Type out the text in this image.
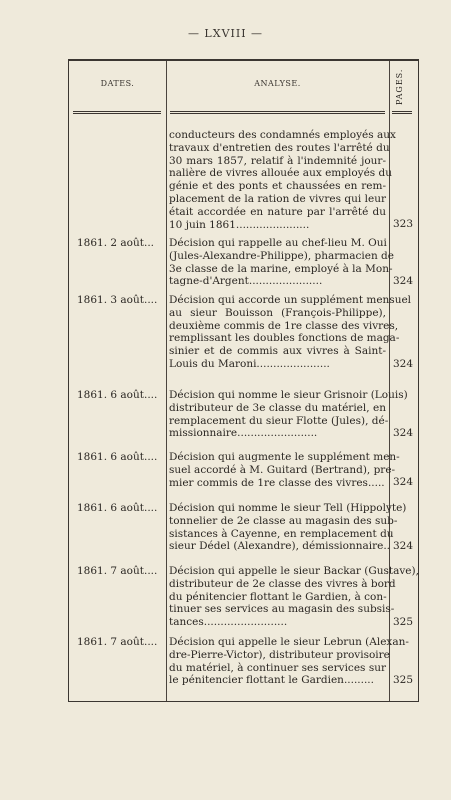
— LXVIII —
DATES.	ANALYSE.	PAGES.
conducteurs des condamnés employés aux
travaux d'entretien des routes l'arrêté du
30 mars 1857, relatif à l'indemnité jour-
nalière de vivres allouée aux employés du
génie et des ponts et chaussées en rem-
placement de la ration de vivres qui leur
était accordée en nature par l'arrêté du
10 juin 1861......................	323
1861. 2 août...	Décision qui rappelle au chef-lieu M. Oui
(Jules-Alexandre-Philippe), pharmacien de
3e classe de la marine, employé à la Mon-
tagne-d'Argent......................	324
1861. 3 août....	Décision qui accorde un supplément mensuel
au sieur Bouisson (François-Philippe),
deuxième commis de 1re classe des vivres,
remplissant les doubles fonctions de maga-
sinier et de commis aux vivres à Saint-
Louis du Maroni......................	324
1861. 6 août....	Décision qui nomme le sieur Grisnoir (Louis)
distributeur de 3e classe du matériel, en
remplacement du sieur Flotte (Jules), dé-
missionnaire........................	324
1861. 6 août....	Décision qui augmente le supplément men-
suel accordé à M. Guitard (Bertrand), pre-
mier commis de 1re classe des vivres..... 324
1861. 6 août....	Décision qui nomme le sieur Tell (Hippolyte)
tonnelier de 2e classe au magasin des sub-
sistances à Cayenne, en remplacement du
sieur Dédel (Alexandre), démissionnaire.. 324
1861. 7 août....	Décision qui appelle le sieur Backar (Gustave),
distributeur de 2e classe des vivres à bord
du pénitencier flottant le Gardien, à con-
tinuer ses services au magasin des subsis-
tances.........................	325
1861. 7 août....	Décision qui appelle le sieur Lebrun (Alexan-
dre-Pierre-Victor), distributeur provisoire
du matériel, à continuer ses services sur
le pénitencier flottant le Gardien.........	325
